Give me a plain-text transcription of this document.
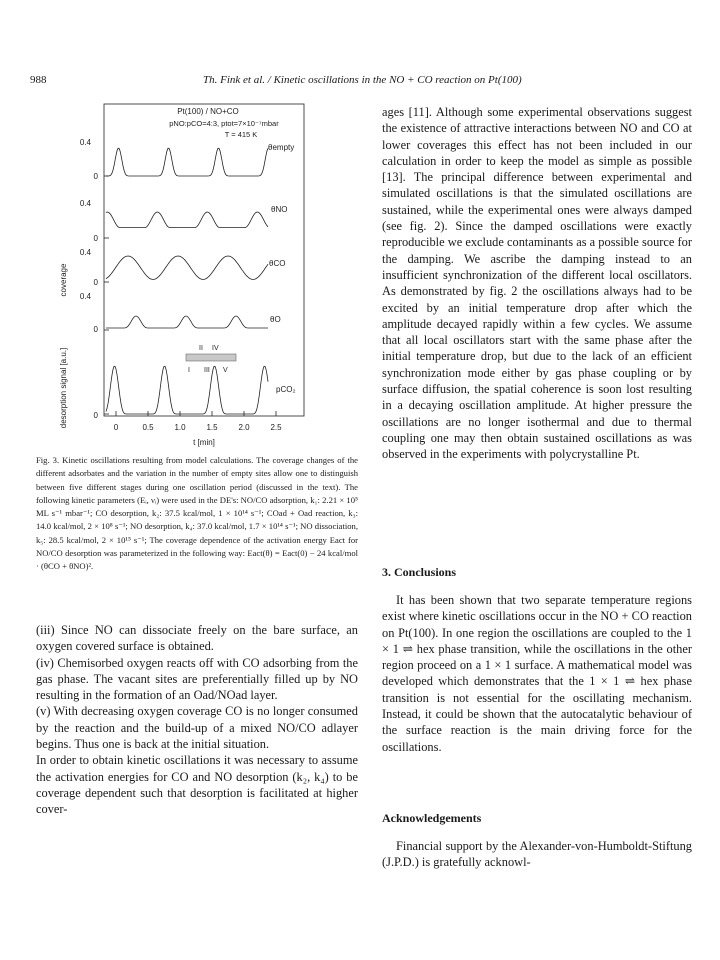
988	Th. Fink et al. / Kinetic oscillations in the NO + CO reaction on Pt(100)
Pt(100) / NO+CO
pNO:pCO=4:3, ptot=7×10⁻⁷mbar
T = 415 K
0.4
0
0.4
0
0.4
0
0.4
0
0
coverage
desorption signal [a.u.]
θempty
θNO
θCO
θO
pCO₂
II IV
I III V
0	0.5	1.0	1.5	2.0	2.5
t [min]

Fig. 3. Kinetic oscillations resulting from model calculations. The coverage changes of the different adsorbates and the variation in the number of empty sites allow one to distinguish between five different stages during one oscillation period (discussed in the text). The following kinetic parameters (Eᵢ, νᵢ) were used in the DE's: NO/CO adsorption, k₁: 2.21 × 10⁵ ML s⁻¹ mbar⁻¹; CO desorption, k₂: 37.5 kcal/mol, 1 × 10¹⁴ s⁻¹; COad + Oad reaction, k₃: 14.0 kcal/mol, 2 × 10⁸ s⁻¹; NO desorption, k₄: 37.0 kcal/mol, 1.7 × 10¹⁴ s⁻¹; NO dissociation, k₅: 28.5 kcal/mol, 2 × 10¹⁵ s⁻¹; The coverage dependence of the activation energy Eact for NO/CO desorption was parameterized in the following way: Eact(θ) = Eact(0) − 24 kcal/mol · (θCO + θNO)².

(iii) Since NO can dissociate freely on the bare surface, an oxygen covered surface is obtained.

(iv) Chemisorbed oxygen reacts off with CO adsorbing from the gas phase. The vacant sites are preferentially filled up by NO resulting in the formation of an Oad/NOad layer.

(v) With decreasing oxygen coverage CO is no longer consumed by the reaction and the build-up of a mixed NO/CO adlayer begins. Thus one is back at the initial situation.

In order to obtain kinetic oscillations it was necessary to assume the activation energies for CO and NO desorption (k₂, k₄) to be coverage dependent such that desorption is facilitated at higher cover-

ages [11]. Although some experimental observations suggest the existence of attractive interactions between NO and CO at lower coverages this effect has not been included in our calculation in order to keep the model as simple as possible [13]. The principal difference between experimental and simulated oscillations is that the simulated oscillations are sustained, while the experimental ones were always damped (see fig. 2). Since the damped oscillations were exactly reproducible we exclude contaminants as a possible source for the damping. We ascribe the damping instead to an insufficient synchronization of the different local oscillators. As demonstrated by fig. 2 the oscillations always had to be excited by an initial temperature drop after which the amplitude decayed rapidly within a few cycles. We assume that all local oscillators start with the same phase after the initial temperature drop, but due to the lack of an efficient synchronization mode either by gas phase coupling or by surface diffusion, the spatial coherence is soon lost resulting in a decaying oscillation amplitude. At higher pressure the oscillations are no longer isothermal and due to thermal coupling one may then obtain sustained oscillations as was observed in the experiments with polycrystalline Pt.

3. Conclusions

It has been shown that two separate temperature regions exist where kinetic oscillations occur in the NO + CO reaction on Pt(100). In one region the oscillations are coupled to the 1 × 1 ⇌ hex phase transition, while the oscillations in the other region proceed on a 1 × 1 surface. A mathematical model was developed which demonstrates that the 1 × 1 ⇌ hex phase transition is not essential for the oscillating mechanism. Instead, it could be shown that the autocatalytic behaviour of the surface reaction is the main driving force for the oscillations.

Acknowledgements

Financial support by the Alexander-von-Humboldt-Stiftung (J.P.D.) is gratefully acknowl-
